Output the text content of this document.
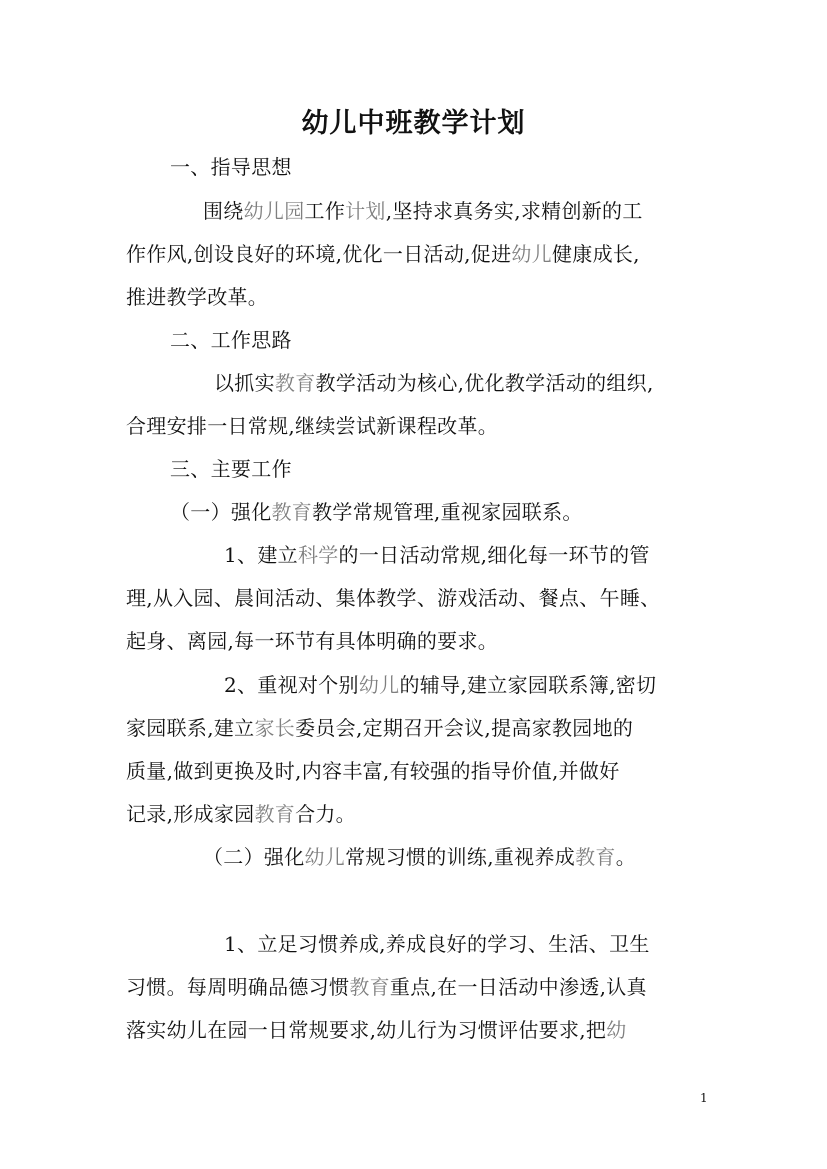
幼儿中班教学计划
一、指导思想
围绕幼儿园工作计划,坚持求真务实,求精创新的工
作作风,创设良好的环境,优化一日活动,促进幼儿健康成长,
推进教学改革。
二、工作思路
以抓实教育教学活动为核心,优化教学活动的组织,
合理安排一日常规,继续尝试新课程改革。
三、主要工作
（一）强化教育教学常规管理,重视家园联系。
1、建立科学的一日活动常规,细化每一环节的管
理,从入园、晨间活动、集体教学、游戏活动、餐点、午睡、
起身、离园,每一环节有具体明确的要求。
2、重视对个别幼儿的辅导,建立家园联系簿,密切
家园联系,建立家长委员会,定期召开会议,提高家教园地的
质量,做到更换及时,内容丰富,有较强的指导价值,并做好
记录,形成家园教育合力。
（二）强化幼儿常规习惯的训练,重视养成教育。
1、立足习惯养成,养成良好的学习、生活、卫生
习惯。每周明确品德习惯教育重点,在一日活动中渗透,认真
落实幼儿在园一日常规要求,幼儿行为习惯评估要求,把幼
1
